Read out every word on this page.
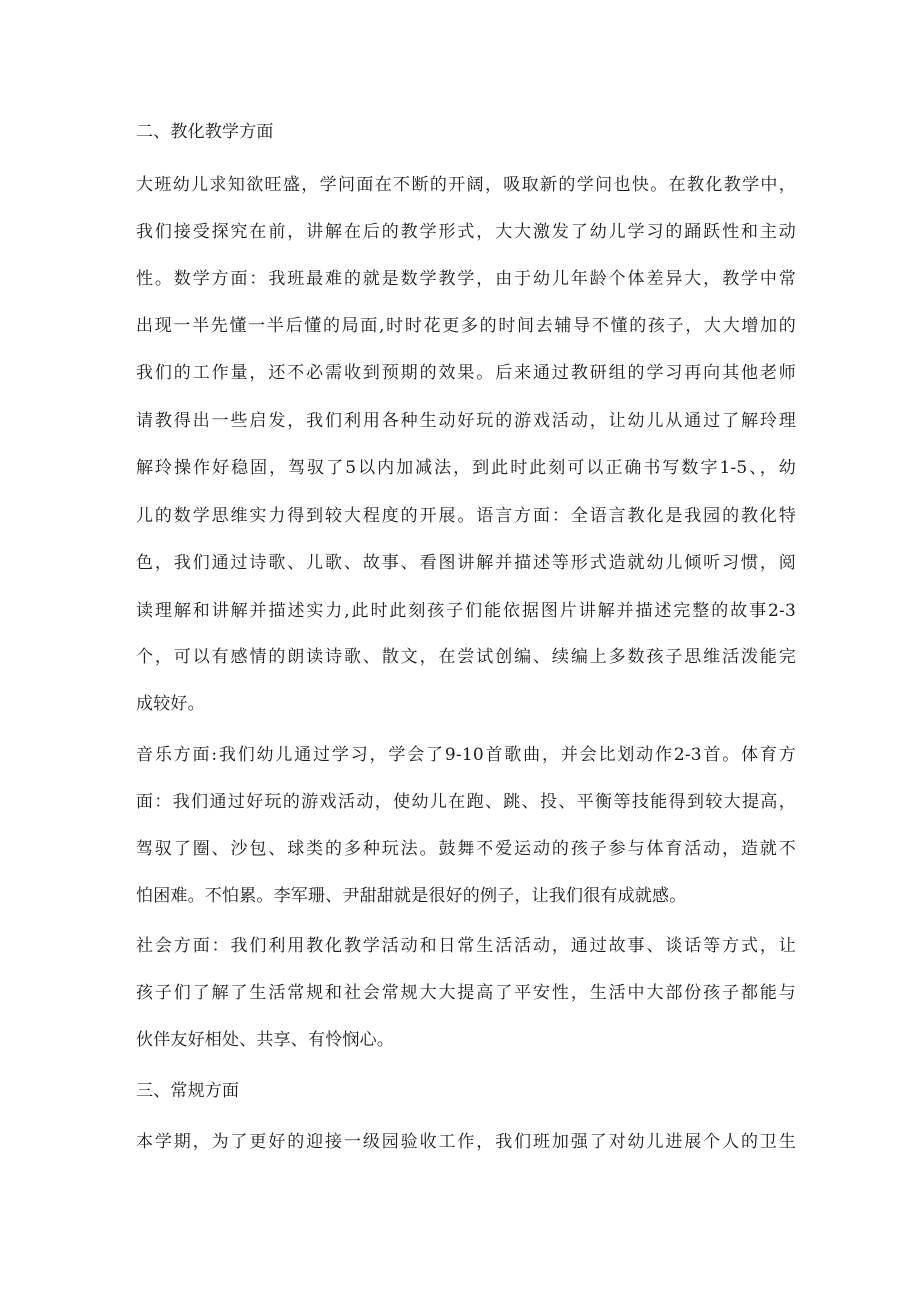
二、教化教学方面

大班幼儿求知欲旺盛，学问面在不断的开阔，吸取新的学问也快。在教化教学中，

我们接受探究在前，讲解在后的教学形式，大大激发了幼儿学习的踊跃性和主动

性。数学方面：我班最难的就是数学教学，由于幼儿年龄个体差异大，教学中常

出现一半先懂一半后懂的局面,时时花更多的时间去辅导不懂的孩子，大大增加的

我们的工作量，还不必需收到预期的效果。后来通过教研组的学习再向其他老师

请教得出一些启发，我们利用各种生动好玩的游戏活动，让幼儿从通过了解玲理

解玲操作好稳固，驾驭了5以内加减法，到此时此刻可以正确书写数字1-5、，幼

儿的数学思维实力得到较大程度的开展。语言方面：全语言教化是我园的教化特

色，我们通过诗歌、儿歌、故事、看图讲解并描述等形式造就幼儿倾听习惯，阅

读理解和讲解并描述实力,此时此刻孩子们能依据图片讲解并描述完整的故事2-3

个，可以有感情的朗读诗歌、散文，在尝试创编、续编上多数孩子思维活泼能完

成较好。

音乐方面:我们幼儿通过学习，学会了9-10首歌曲，并会比划动作2-3首。体育方

面：我们通过好玩的游戏活动，使幼儿在跑、跳、投、平衡等技能得到较大提高，

驾驭了圈、沙包、球类的多种玩法。鼓舞不爱运动的孩子参与体育活动，造就不

怕困难。不怕累。李军珊、尹甜甜就是很好的例子，让我们很有成就感。

社会方面：我们利用教化教学活动和日常生活活动，通过故事、谈话等方式，让

孩子们了解了生活常规和社会常规大大提高了平安性，生活中大部份孩子都能与

伙伴友好相处、共享、有怜悯心。

三、常规方面

本学期，为了更好的迎接一级园验收工作，我们班加强了对幼儿进展个人的卫生
